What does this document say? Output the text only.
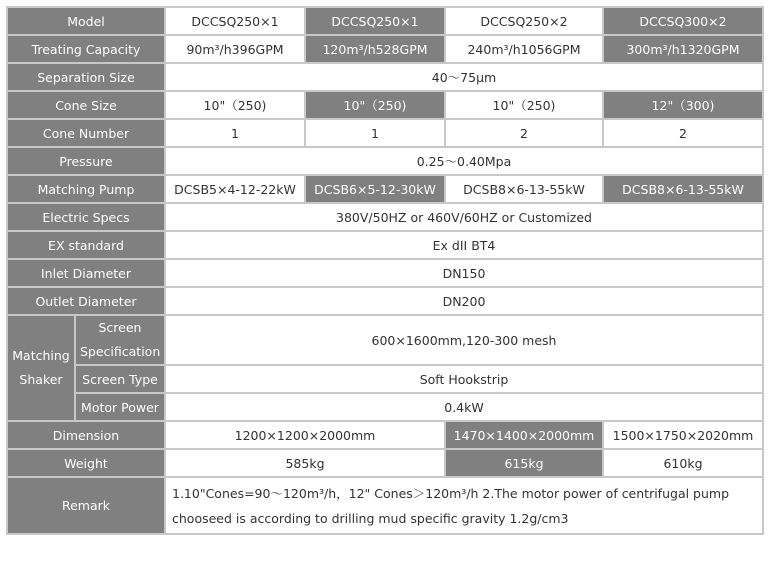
Model		DCCSQ250×1	DCCSQ250×1	DCCSQ250×2	DCCSQ300×2
Treating Capacity		90m³/h396GPM	120m³/h528GPM	240m³/h1056GPM	300m³/h1320GPM
Separation Size		40～75μm			
Cone Size		10"（250)	10"（250)	10"（250)	12"（300)
Cone Number		1	1	2	2
Pressure		0.25～0.40Mpa			
Matching Pump		DCSB5×4-12-22kW	DCSB6×5-12-30kW	DCSB8×6-13-55kW	DCSB8×6-13-55kW
Electric Specs		380V/50HZ or 460V/60HZ or Customized			
EX standard		Ex dII BT4			
Inlet Diameter		DN150			
Outlet Diameter		DN200			
Matching Shaker	Screen Specification	600×1600mm,120-300 mesh			
	Screen Type	Soft Hookstrip			
	Motor Power	0.4kW			
Dimension		1200×1200×2000mm		1470×1400×2000mm	1500×1750×2020mm
Weight		585kg		615kg	610kg
Remark		1.10"Cones=90～120m³/h，12" Cones＞120m³/h 2.The motor power of centrifugal pump chooseed is according to drilling mud specific gravity 1.2g/cm3			
